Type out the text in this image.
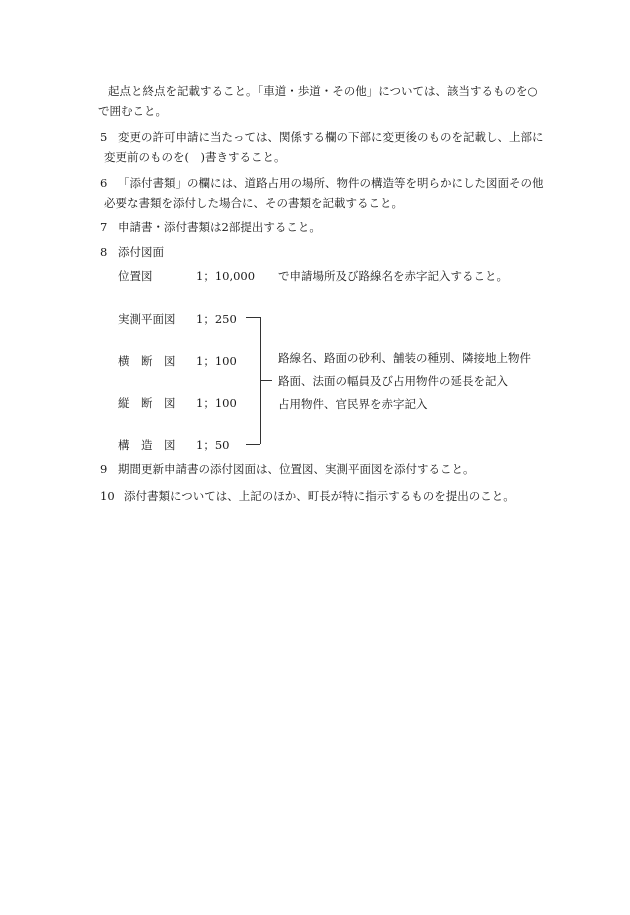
起点と終点を記載すること。「車道・歩道・その他」については、該当するものを○
で囲むこと。
5 変更の許可申請に当たっては、関係する欄の下部に変更後のものを記載し、上部に
変更前のものを(　)書きすること。
6 「添付書類」の欄には、道路占用の場所、物件の構造等を明らかにした図面その他
必要な書類を添付した場合に、その書類を記載すること。
7 申請書・添付書類は2部提出すること。
8 添付図面
位置図	1；10,000 で申請場所及び路線名を赤字記入すること。
実測平面図 1；250
横　断　図 1；100
縦　断　図 1；100
構　造　図 1；50
路線名、路面の砂利、舗装の種別、隣接地上物件
路面、法面の幅員及び占用物件の延長を記入
占用物件、官民界を赤字記入
9 期間更新申請書の添付図面は、位置図、実測平面図を添付すること。
10 添付書類については、上記のほか、町長が特に指示するものを提出のこと。
